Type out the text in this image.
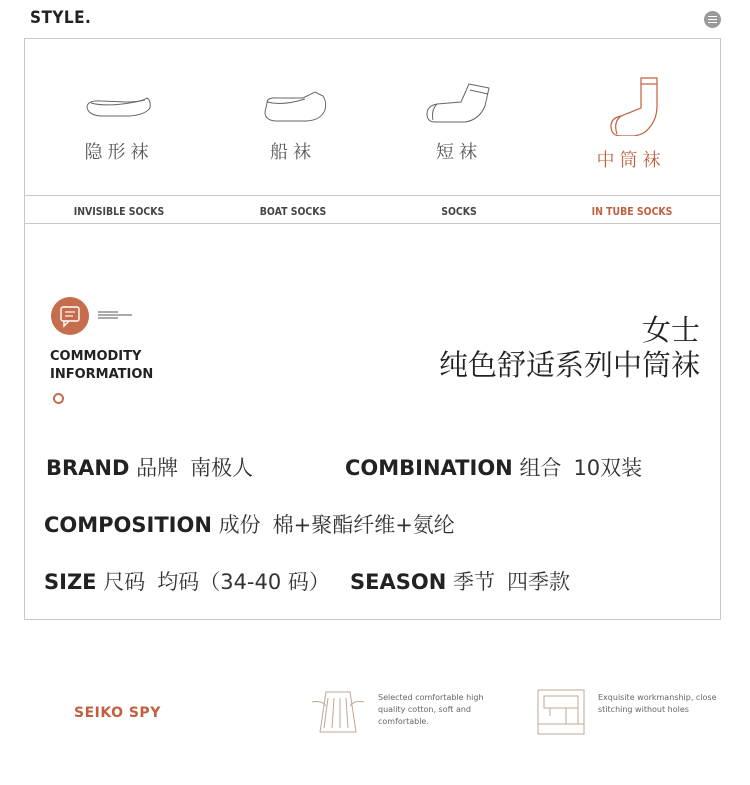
STYLE.
隐形袜	船袜	短袜	中筒袜
INVISIBLE SOCKS	BOAT SOCKS	SOCKS	IN TUBE SOCKS
COMMODITY
INFORMATION
女士
纯色舒适系列中筒袜
BRAND 品牌 南极人	COMBINATION 组合 10双装
COMPOSITION 成份 棉+聚酯纤维+氨纶
SIZE 尺码 均码（34-40 码） SEASON 季节 四季款
SEIKO SPY
Selected comfortable high quality cotton, soft and comfortable.
Exquisite workmanship, close stitching without holes
